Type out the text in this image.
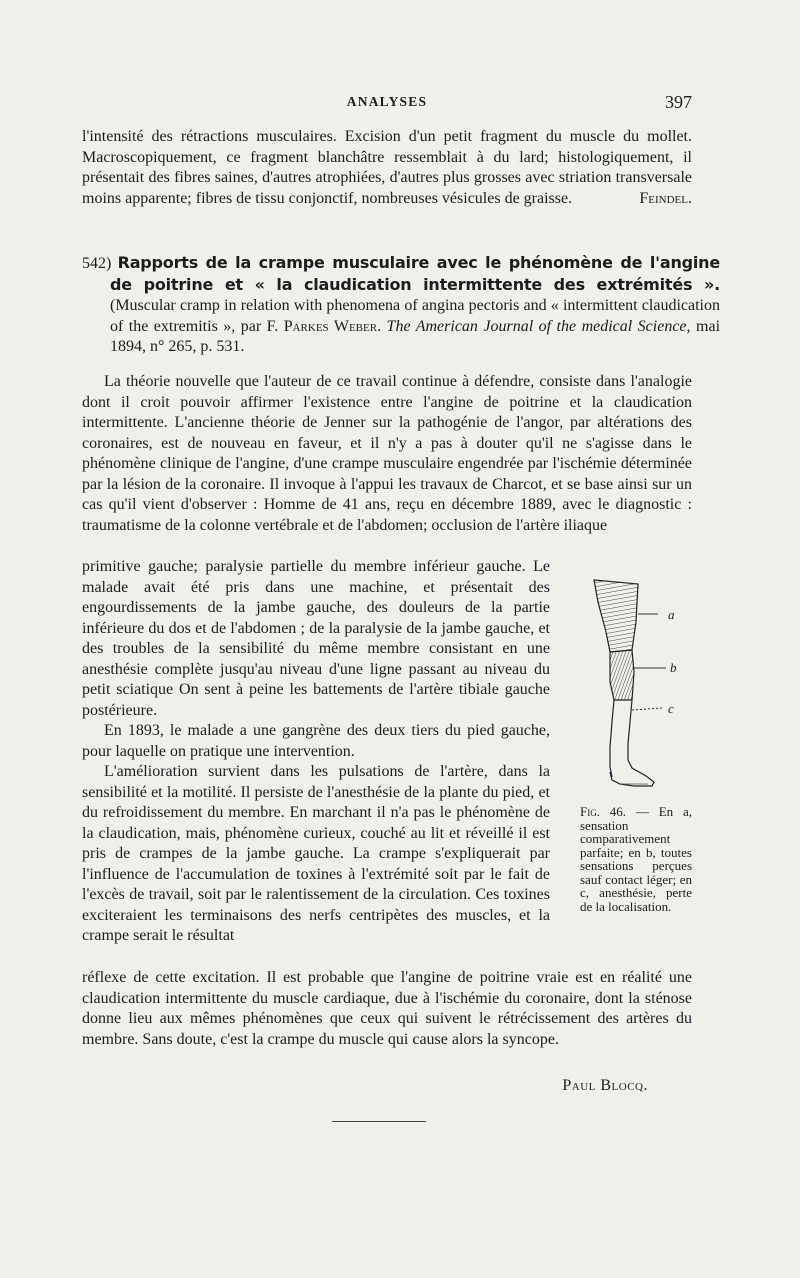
ANALYSES	397
l'intensité des rétractions musculaires. Excision d'un petit fragment du muscle du mollet. Macroscopiquement, ce fragment blanchâtre ressemblait à du lard; histologiquement, il présentait des fibres saines, d'autres atrophiées, d'autres plus grosses avec striation transversale moins apparente; fibres de tissu conjonctif, nombreuses vésicules de graisse.	Feindel.
542) Rapports de la crampe musculaire avec le phénomène de l'angine de poitrine et « la claudication intermittente des extrémités ». (Muscular cramp in relation with phenomena of angina pectoris and « intermittent claudication of the extremitis », par F. Parkes Weber. The American Journal of the medical Science, mai 1894, n° 265, p. 531.
La théorie nouvelle que l'auteur de ce travail continue à défendre, consiste dans l'analogie dont il croit pouvoir affirmer l'existence entre l'angine de poitrine et la claudication intermittente. L'ancienne théorie de Jenner sur la pathogénie de l'angor, par altérations des coronaires, est de nouveau en faveur, et il n'y a pas à douter qu'il ne s'agisse dans le phénomène clinique de l'angine, d'une crampe musculaire engendrée par l'ischémie déterminée par la lésion de la coronaire. Il invoque à l'appui les travaux de Charcot, et se base ainsi sur un cas qu'il vient d'observer : Homme de 41 ans, reçu en décembre 1889, avec le diagnostic : traumatisme de la colonne vertébrale et de l'abdomen; occlusion de l'artère iliaque

primitive gauche; paralysie partielle du membre inférieur gauche. Le malade avait été pris dans une machine, et présentait des engourdissements de la jambe gauche, des douleurs de la partie inférieure du dos et de l'abdomen ; de la paralysie de la jambe gauche, et des troubles de la sensibilité du même membre consistant en une anesthésie complète jusqu'au niveau d'une ligne passant au niveau du petit sciatique On sent à peine les battements de l'artère tibiale gauche postérieure.

En 1893, le malade a une gangrène des deux tiers du pied gauche, pour laquelle on pratique une intervention.

L'amélioration survient dans les pulsations de l'artère, dans la sensibilité et la motilité. Il persiste de l'anesthésie de la plante du pied, et du refroidissement du membre. En marchant il n'a pas le phénomène de la claudication, mais, phénomène curieux, couché au lit et réveillé il est pris de crampes de la jambe gauche. La crampe s'expliquerait par l'influence de l'accumulation de toxines à l'extrémité soit par le fait de l'excès de travail, soit par le ralentissement de la circulation. Ces toxines exciteraient les terminaisons des nerfs centripètes des muscles, et la crampe serait le résultat

réflexe de cette excitation. Il est probable que l'angine de poitrine vraie est en réalité une claudication intermittente du muscle cardiaque, due à l'ischémie du coronaire, dont la sténose donne lieu aux mêmes phénomènes que ceux qui suivent le rétrécissement des artères du membre. Sans doute, c'est la crampe du muscle qui cause alors la syncope.
Paul Blocq.
a
b
c
Fig. 46. — En a, sensation comparativement parfaite; en b, toutes sensations perçues sauf contact léger; en c, anesthésie, perte de la localisation.
